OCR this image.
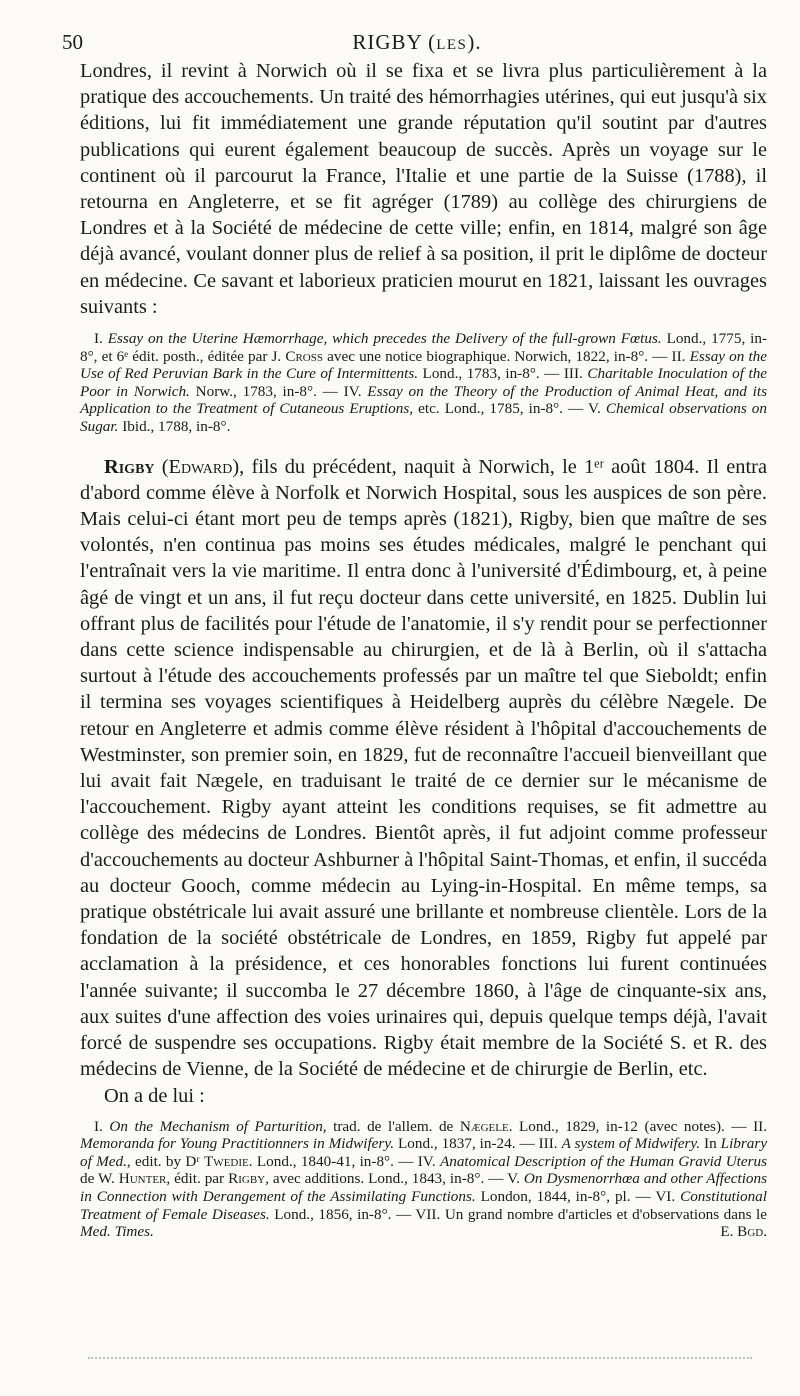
50	RIGBY (les).

Londres, il revint à Norwich où il se fixa et se livra plus particulièrement à la pratique des accouchements. Un traité des hémorrhagies utérines, qui eut jusqu'à six éditions, lui fit immédiatement une grande réputation qu'il soutint par d'autres publications qui eurent également beaucoup de succès. Après un voyage sur le continent où il parcourut la France, l'Italie et une partie de la Suisse (1788), il retourna en Angleterre, et se fit agréger (1789) au collège des chirurgiens de Londres et à la Société de médecine de cette ville; enfin, en 1814, malgré son âge déjà avancé, voulant donner plus de relief à sa position, il prit le diplôme de docteur en médecine. Ce savant et laborieux praticien mourut en 1821, laissant les ouvrages suivants :

I. Essay on the Uterine Hæmorrhage, which precedes the Delivery of the full-grown Fœtus. Lond., 1775, in-8°, et 6ᵉ édit. posth., éditée par J. Cross avec une notice biographique. Norwich, 1822, in-8°. — II. Essay on the Use of Red Peruvian Bark in the Cure of Intermittents. Lond., 1783, in-8°. — III. Charitable Inoculation of the Poor in Norwich. Norw., 1783, in-8°. — IV. Essay on the Theory of the Production of Animal Heat, and its Application to the Treatment of Cutaneous Eruptions, etc. Lond., 1785, in-8°. — V. Chemical observations on Sugar. Ibid., 1788, in-8°.

Rigby (Edward), fils du précédent, naquit à Norwich, le 1ᵉʳ août 1804. Il entra d'abord comme élève à Norfolk et Norwich Hospital, sous les auspices de son père. Mais celui-ci étant mort peu de temps après (1821), Rigby, bien que maître de ses volontés, n'en continua pas moins ses études médicales, malgré le penchant qui l'entraînait vers la vie maritime. Il entra donc à l'université d'Édimbourg, et, à peine âgé de vingt et un ans, il fut reçu docteur dans cette université, en 1825. Dublin lui offrant plus de facilités pour l'étude de l'anatomie, il s'y rendit pour se perfectionner dans cette science indispensable au chirurgien, et de là à Berlin, où il s'attacha surtout à l'étude des accouchements professés par un maître tel que Sieboldt; enfin il termina ses voyages scientifiques à Heidelberg auprès du célèbre Nægele. De retour en Angleterre et admis comme élève résident à l'hôpital d'accouchements de Westminster, son premier soin, en 1829, fut de reconnaître l'accueil bienveillant que lui avait fait Nægele, en traduisant le traité de ce dernier sur le mécanisme de l'accouchement. Rigby ayant atteint les conditions requises, se fit admettre au collège des médecins de Londres. Bientôt après, il fut adjoint comme professeur d'accouchements au docteur Ashburner à l'hôpital Saint-Thomas, et enfin, il succéda au docteur Gooch, comme médecin au Lying-in-Hospital. En même temps, sa pratique obstétricale lui avait assuré une brillante et nombreuse clientèle. Lors de la fondation de la société obstétricale de Londres, en 1859, Rigby fut appelé par acclamation à la présidence, et ces honorables fonctions lui furent continuées l'année suivante; il succomba le 27 décembre 1860, à l'âge de cinquante-six ans, aux suites d'une affection des voies urinaires qui, depuis quelque temps déjà, l'avait forcé de suspendre ses occupations. Rigby était membre de la Société S. et R. des médecins de Vienne, de la Société de médecine et de chirurgie de Berlin, etc.

On a de lui :

I. On the Mechanism of Parturition, trad. de l'allem. de Nægele. Lond., 1829, in-12 (avec notes). — II. Memoranda for Young Practitionners in Midwifery. Lond., 1837, in-24. — III. A system of Midwifery. In Library of Med., edit. by Dʳ Twedie. Lond., 1840-41, in-8°. — IV. Anatomical Description of the Human Gravid Uterus de W. Hunter, édit. par Rigby, avec additions. Lond., 1843, in-8°. — V. On Dysmenorrhœa and other Affections in Connection with Derangement of the Assimilating Functions. London, 1844, in-8°, pl. — VI. Constitutional Treatment of Female Diseases. Lond., 1856, in-8°. — VII. Un grand nombre d'articles et d'observations dans le Med. Times.	E. Bgd.
